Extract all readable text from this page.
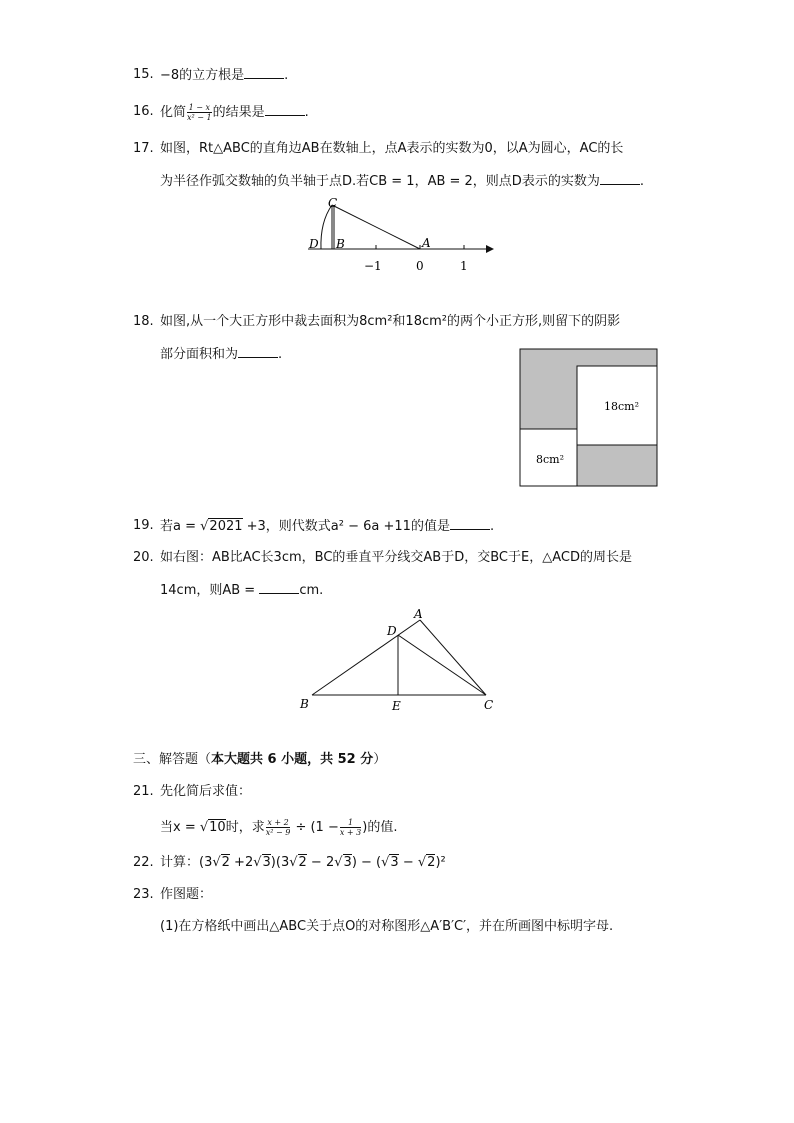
15. −8的立方根是	.
16. 化简 $\frac{1 - x}{\text{x² − 1}}$ 的结果是	.
17. 如图，Rt△ABC的直角边AB在数轴上，点A表示的实数为0，以A为圆心，AC的长
为半径作弧交数轴的负半轴于点D.若CB = 1，AB = 2，则点D表示的实数为	.
C
D B	A
−1	0	1
18. 如图,从一个大正方形中裁去面积为8cm²和18cm²的两个小正方形,则留下的阴影
部分面积和为	.
18cm²
8cm²
19. 若a = √2021 +3，则代数式a² − 6a +11的值是	.
20. 如右图：AB比AC长3cm，BC的垂直平分线交AB于D，交BC于E，△ACD的周长是
14cm，则AB =	cm.
A
D
B	E	C
三、解答题（本大题共 6 小题，共 52 分）
21. 先化简后求值：
当x = √10时，求 $\frac{x + 2}{\text{x² − 9}} \div (1 - \frac{1}{x + 3}$ )的值.
22. 计算：(3√2 +2√3)(3√2 − 2√3) − (√3 − √2)²
23. 作图题：
(1)在方格纸中画出△ABC关于点O的对称图形△A′B′C′，并在所画图中标明字母.
